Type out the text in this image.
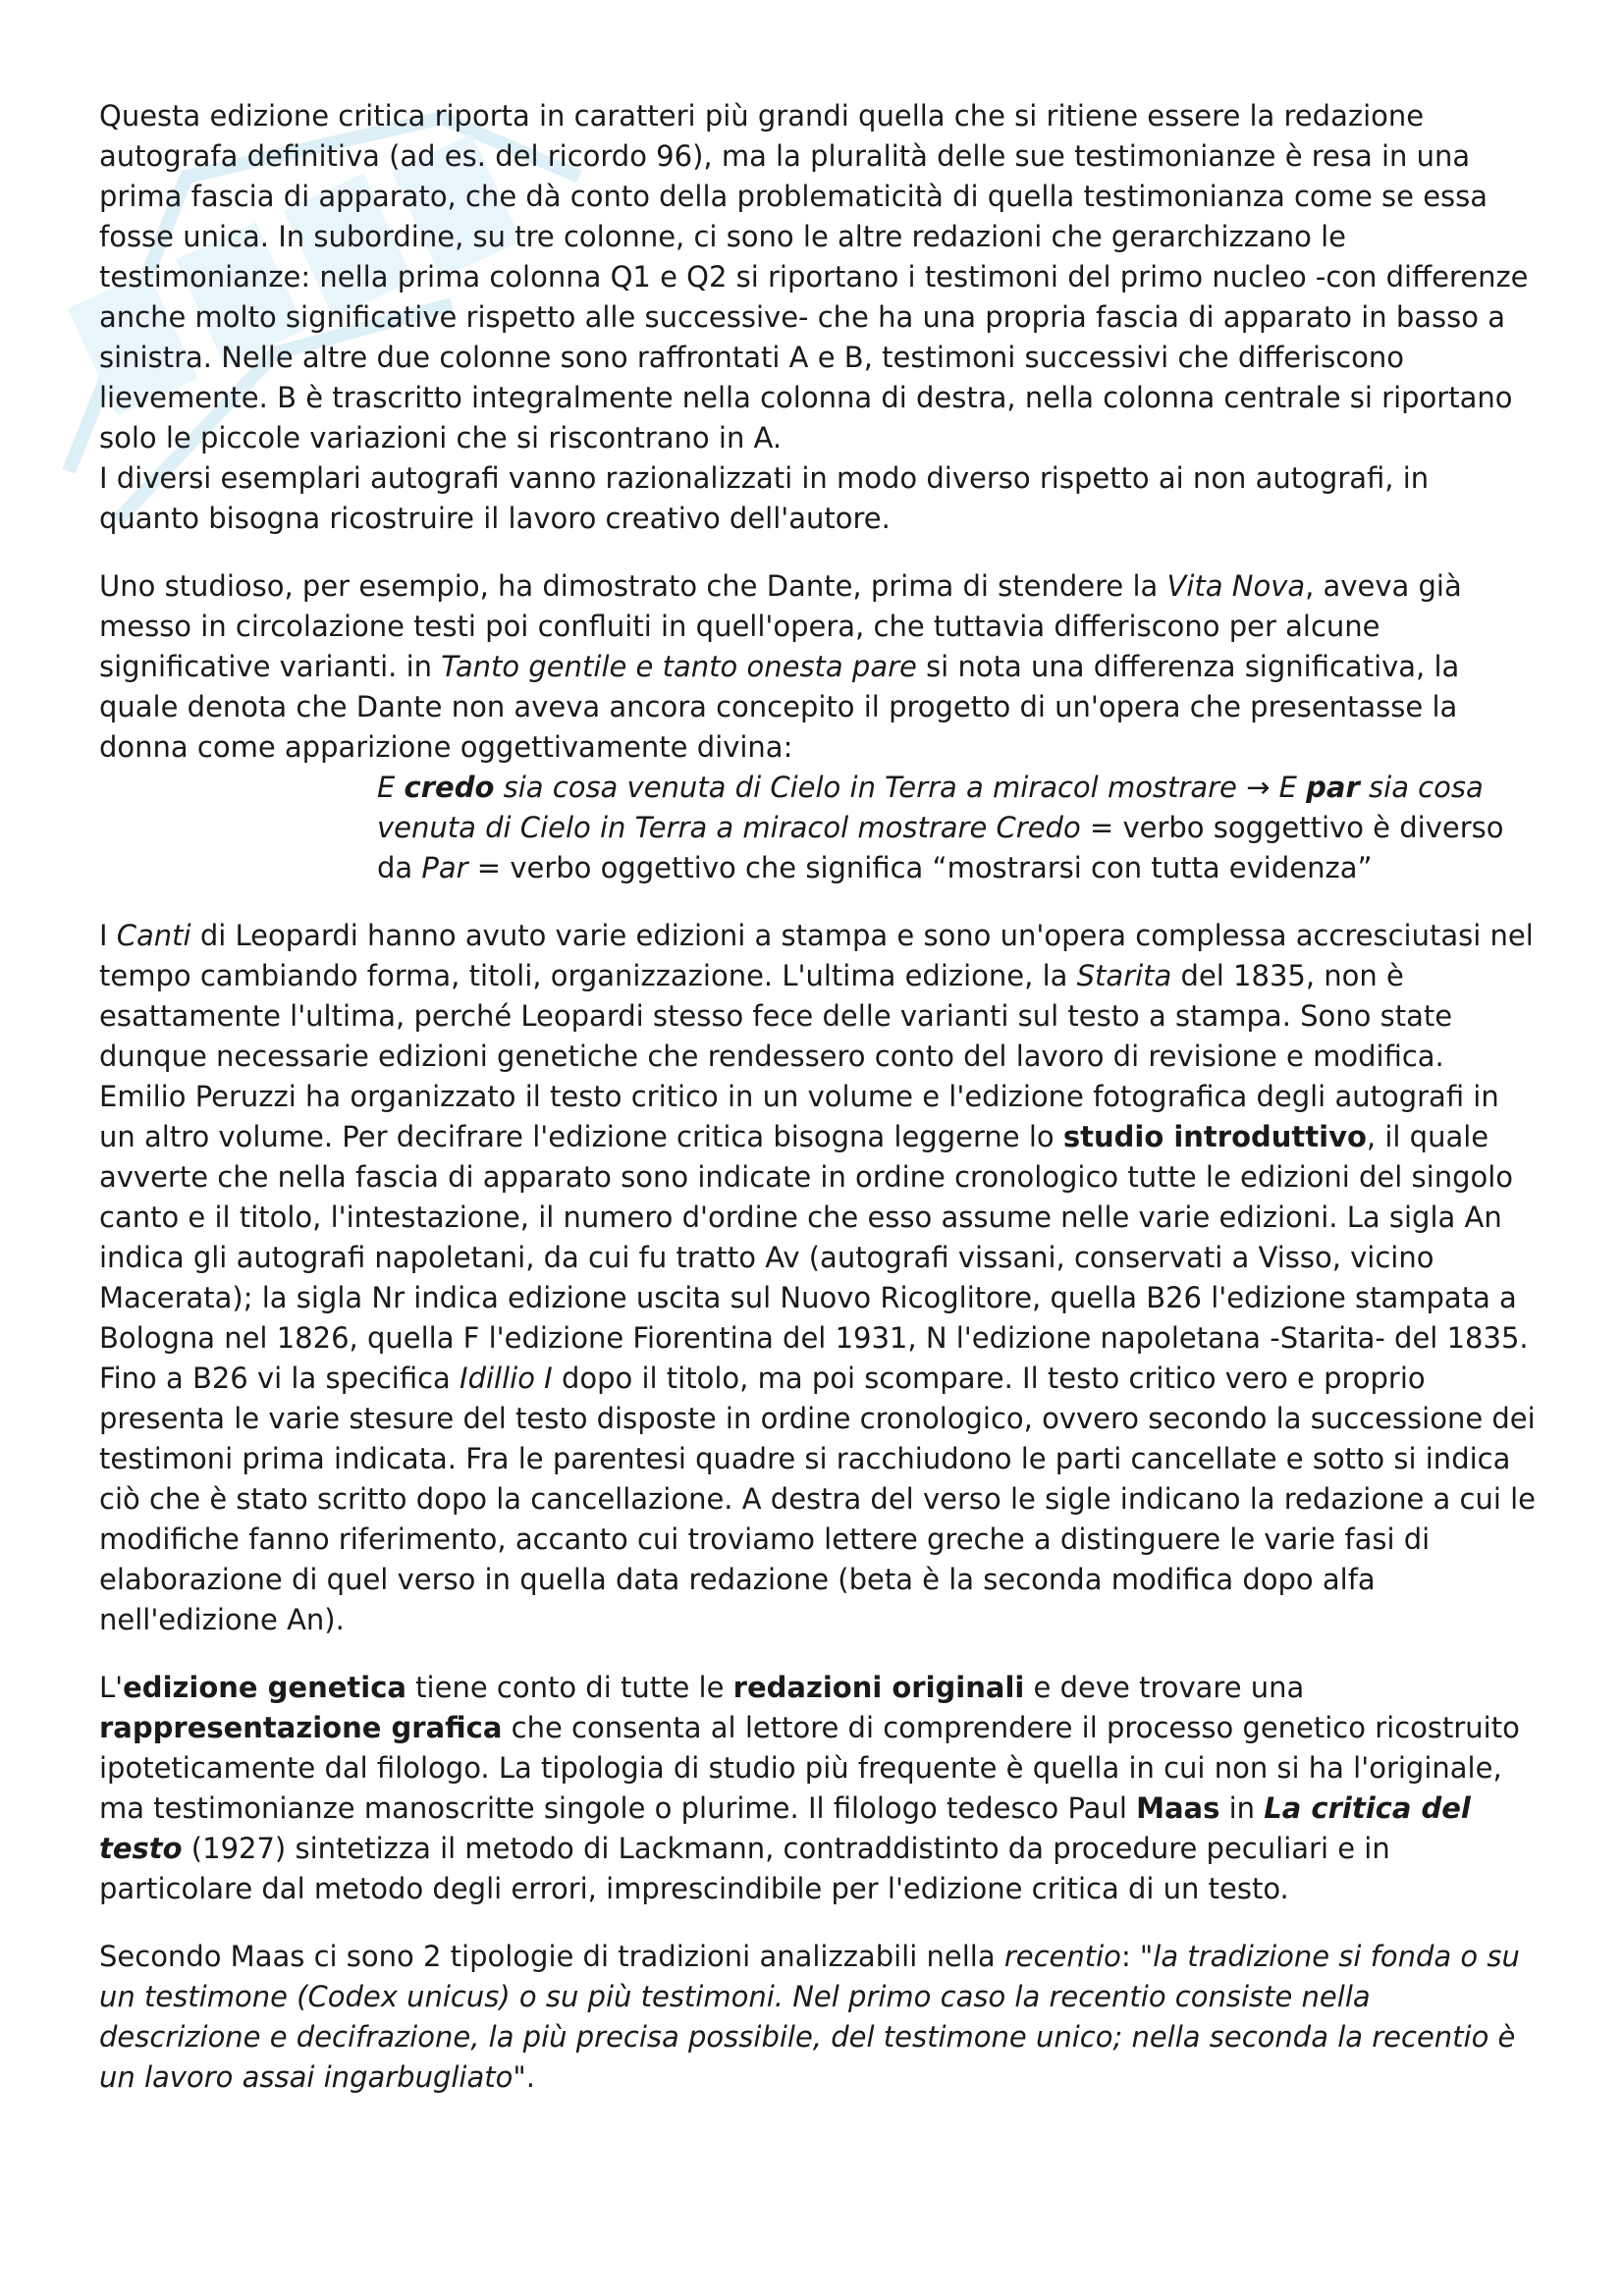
Questa edizione critica riporta in caratteri più grandi quella che si ritiene essere la redazione autografa definitiva (ad es. del ricordo 96), ma la pluralità delle sue testimonianze è resa in una prima fascia di apparato, che dà conto della problematicità di quella testimonianza come se essa fosse unica. In subordine, su tre colonne, ci sono le altre redazioni che gerarchizzano le testimonianze: nella prima colonna Q1 e Q2 si riportano i testimoni del primo nucleo -con differenze anche molto significative rispetto alle successive- che ha una propria fascia di apparato in basso a sinistra. Nelle altre due colonne sono raffrontati A e B, testimoni successivi che differiscono lievemente. B è trascritto integralmente nella colonna di destra, nella colonna centrale si riportano solo le piccole variazioni che si riscontrano in A.

I diversi esemplari autografi vanno razionalizzati in modo diverso rispetto ai non autografi, in quanto bisogna ricostruire il lavoro creativo dell'autore.

Uno studioso, per esempio, ha dimostrato che Dante, prima di stendere la Vita Nova, aveva già messo in circolazione testi poi confluiti in quell'opera, che tuttavia differiscono per alcune significative varianti. in Tanto gentile e tanto onesta pare si nota una differenza significativa, la quale denota che Dante non aveva ancora concepito il progetto di un'opera che presentasse la donna come apparizione oggettivamente divina:

E credo sia cosa venuta di Cielo in Terra a miracol mostrare → E par sia cosa venuta di Cielo in Terra a miracol mostrare Credo = verbo soggettivo è diverso da Par = verbo oggettivo che significa “mostrarsi con tutta evidenza”

I Canti di Leopardi hanno avuto varie edizioni a stampa e sono un'opera complessa accresciutasi nel tempo cambiando forma, titoli, organizzazione. L'ultima edizione, la Starita del 1835, non è esattamente l'ultima, perché Leopardi stesso fece delle varianti sul testo a stampa. Sono state dunque necessarie edizioni genetiche che rendessero conto del lavoro di revisione e modifica. Emilio Peruzzi ha organizzato il testo critico in un volume e l'edizione fotografica degli autografi in un altro volume. Per decifrare l'edizione critica bisogna leggerne lo studio introduttivo, il quale avverte che nella fascia di apparato sono indicate in ordine cronologico tutte le edizioni del singolo canto e il titolo, l'intestazione, il numero d'ordine che esso assume nelle varie edizioni. La sigla An indica gli autografi napoletani, da cui fu tratto Av (autografi vissani, conservati a Visso, vicino Macerata); la sigla Nr indica edizione uscita sul Nuovo Ricoglitore, quella B26 l'edizione stampata a Bologna nel 1826, quella F l'edizione Fiorentina del 1931, N l'edizione napoletana -Starita- del 1835. Fino a B26 vi la specifica Idillio I dopo il titolo, ma poi scompare. Il testo critico vero e proprio presenta le varie stesure del testo disposte in ordine cronologico, ovvero secondo la successione dei testimoni prima indicata. Fra le parentesi quadre si racchiudono le parti cancellate e sotto si indica ciò che è stato scritto dopo la cancellazione. A destra del verso le sigle indicano la redazione a cui le modifiche fanno riferimento, accanto cui troviamo lettere greche a distinguere le varie fasi di elaborazione di quel verso in quella data redazione (beta è la seconda modifica dopo alfa nell'edizione An).

L'edizione genetica tiene conto di tutte le redazioni originali e deve trovare una rappresentazione grafica che consenta al lettore di comprendere il processo genetico ricostruito ipoteticamente dal filologo. La tipologia di studio più frequente è quella in cui non si ha l'originale, ma testimonianze manoscritte singole o plurime. Il filologo tedesco Paul Maas in La critica del testo (1927) sintetizza il metodo di Lackmann, contraddistinto da procedure peculiari e in particolare dal metodo degli errori, imprescindibile per l'edizione critica di un testo.

Secondo Maas ci sono 2 tipologie di tradizioni analizzabili nella recentio: "la tradizione si fonda o su un testimone (Codex unicus) o su più testimoni. Nel primo caso la recentio consiste nella descrizione e decifrazione, la più precisa possibile, del testimone unico; nella seconda la recentio è un lavoro assai ingarbugliato".
